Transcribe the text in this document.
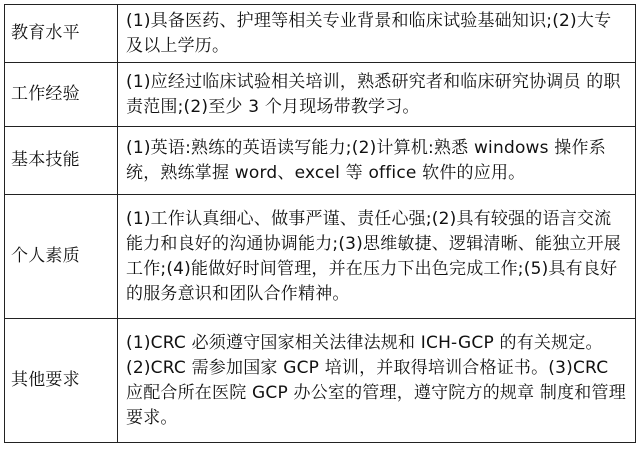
教育水平	(1)具备医药、护理等相关专业背景和临床试验基础知识;(2)大专及以上学历。
工作经验	(1)应经过临床试验相关培训，熟悉研究者和临床研究协调员 的职责范围;(2)至少 3 个月现场带教学习。
基本技能	(1)英语:熟练的英语读写能力;(2)计算机:熟悉 windows 操作系统，熟练掌握 word、excel 等 office 软件的应用。
个人素质	(1)工作认真细心、做事严谨、责任心强;(2)具有较强的语言交流能力和良好的沟通协调能力;(3)思维敏捷、逻辑清晰、能独立开展工作;(4)能做好时间管理，并在压力下出色完成工作;(5)具有良好的服务意识和团队合作精神。
其他要求	(1)CRC 必须遵守国家相关法律法规和 ICH-GCP 的有关规定。(2)CRC 需参加国家 GCP 培训，并取得培训合格证书。(3)CRC 应配合所在医院 GCP 办公室的管理，遵守院方的规章 制度和管理要求。
